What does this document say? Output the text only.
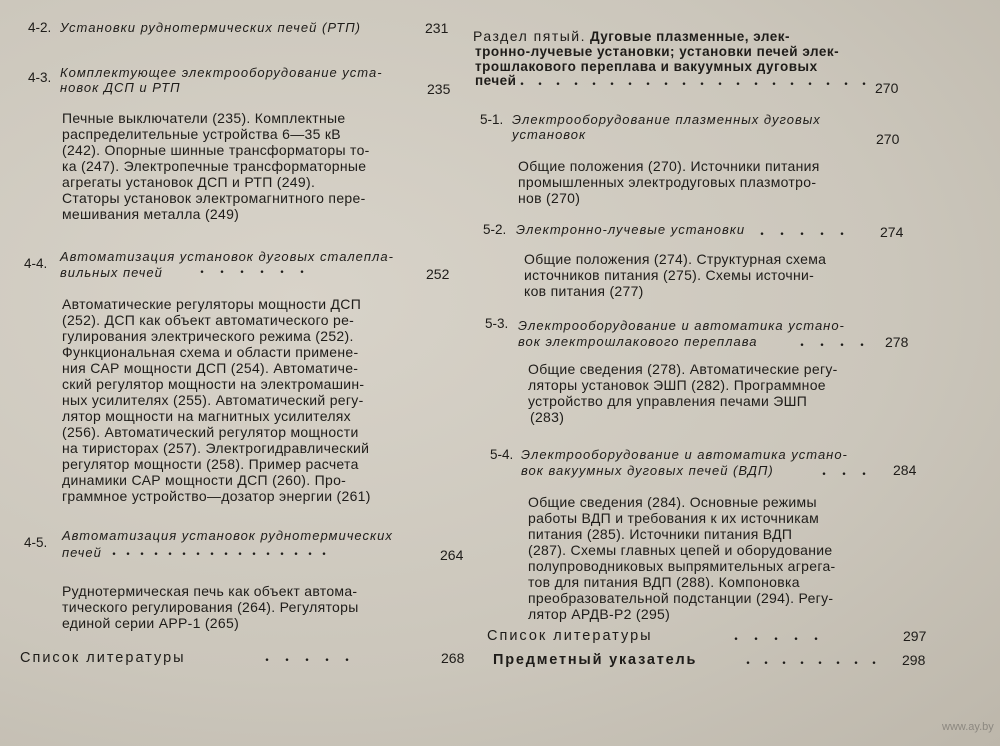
4-2. Установки руднотермических печей (РТП)	231
4-3. Комплектующее электрооборудование уста-
новок ДСП и РТП	235
Печные выключатели (235). Комплектные
распределительные устройства 6—35 кВ
(242). Опорные шинные трансформаторы то-
ка (247). Электропечные трансформаторные
агрегаты установок ДСП и РТП (249).
Статоры установок электромагнитного пере-
мешивания металла (249)
4-4. Автоматизация установок дуговых сталепла-
вильных печей . . . . . .	252
Автоматические регуляторы мощности ДСП
(252). ДСП как объект автоматического ре-
гулирования электрического режима (252).
Функциональная схема и области примене-
ния САР мощности ДСП (254). Автоматиче-
ский регулятор мощности на электромашин-
ных усилителях (255). Автоматический регу-
лятор мощности на магнитных усилителях
(256). Автоматический регулятор мощности
на тиристорах (257). Электрогидравлический
регулятор мощности (258). Пример расчета
динамики САР мощности ДСП (260). Про-
граммное устройство—дозатор энергии (261)
4-5. Автоматизация установок руднотермических
печей . . . . . . . . . . . . . . . .	264
Руднотермическая печь как объект автома-
тического регулирования (264). Регуляторы
единой серии АРР-1 (265)
Список литературы	. . . . .	268
Раздел пятый. Дуговые плазменные, элек-
тронно-лучевые установки; установки печей элек-
трошлакового переплава и вакуумных дуговых
печей . . . . . . . . . . . . . . . . . . . . 270
5-1. Электрооборудование плазменных дуговых
установок	270
Общие положения (270). Источники питания
промышленных электродуговых плазмотро-
нов (270)
5-2. Электронно-лучевые установки . . . . . 274
Общие положения (274). Структурная схема
источников питания (275). Схемы источни-
ков питания (277)
5-3. Электрооборудование и автоматика устано-
вок электрошлакового переплава	. . . . 278
Общие сведения (278). Автоматические регу-
ляторы установок ЭШП (282). Программное
устройство для управления печами ЭШП
(283)
5-4. Электрооборудование и автоматика устано-
вок вакуумных дуговых печей (ВДП)	. . . 284
Общие сведения (284). Основные режимы
работы ВДП и требования к их источникам
питания (285). Источники питания ВДП
(287). Схемы главных цепей и оборудование
полупроводниковых выпрямительных агрега-
тов для питания ВДП (288). Компоновка
преобразовательной подстанции (294). Регу-
лятор АРДВ-Р2 (295)
Список литературы	. . . . .	297
Предметный указатель	. . . . . . . . 298
www.ay.by
